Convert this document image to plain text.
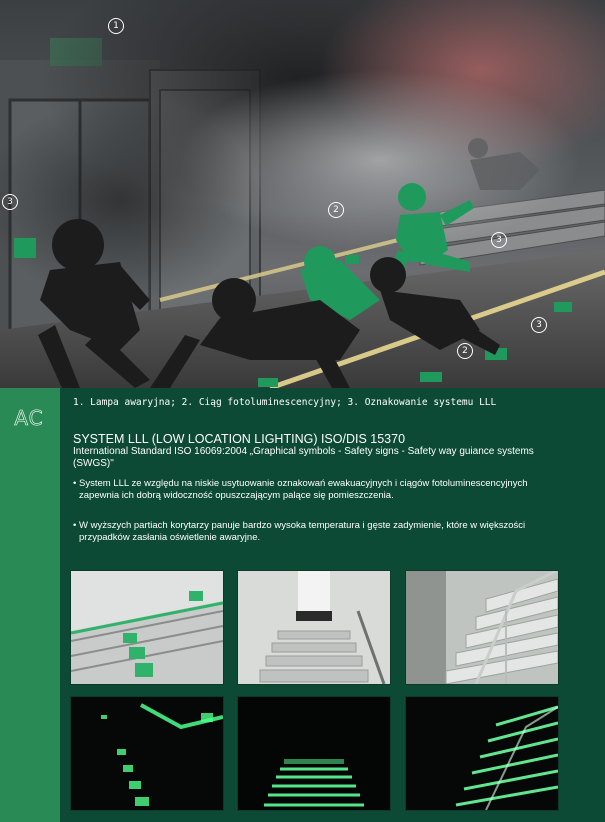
1
2
3
3
3
2
AC
1. Lampa awaryjna; 2. Ciąg fotoluminescencyjny; 3. Oznakowanie systemu LLL
SYSTEM LLL (LOW LOCATION LIGHTING) ISO/DIS 15370
International Standard ISO 16069:2004 „Graphical symbols - Safety signs - Safety way guiance systems (SWGS)"
• System LLL ze względu na niskie usytuowanie oznakowań ewakuacyjnych i ciągów fotoluminescencyjnych
zapewnia ich dobrą widoczność opuszczającym palące się pomieszczenia.
• W wyższych partiach korytarzy panuje bardzo wysoka temperatura i gęste zadymienie, które w większości
przypadków zasłania oświetlenie awaryjne.
